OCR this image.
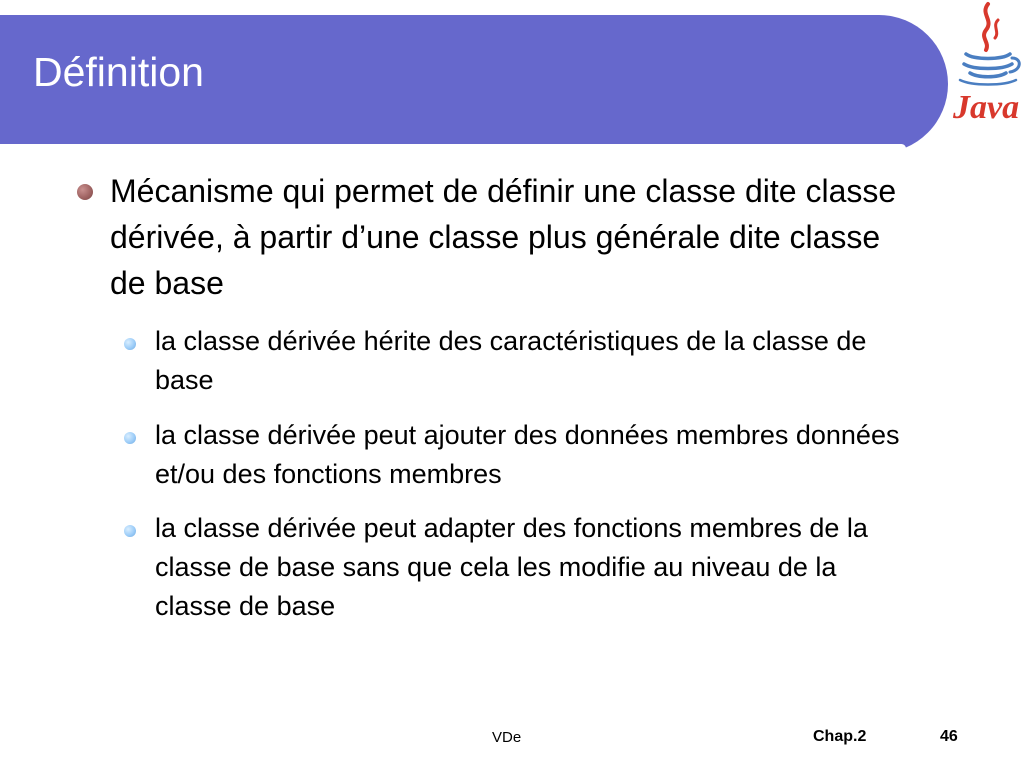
Définition
Java
Mécanisme qui permet de définir une classe dite classe dérivée, à partir d’une classe plus générale dite classe de base
la classe dérivée hérite des caractéristiques de la classe de base
la classe dérivée peut ajouter des données membres données et/ou des fonctions membres
la classe dérivée peut adapter des fonctions membres de la classe de base sans que cela les modifie au niveau de la classe de base
VDe	Chap.2	46
